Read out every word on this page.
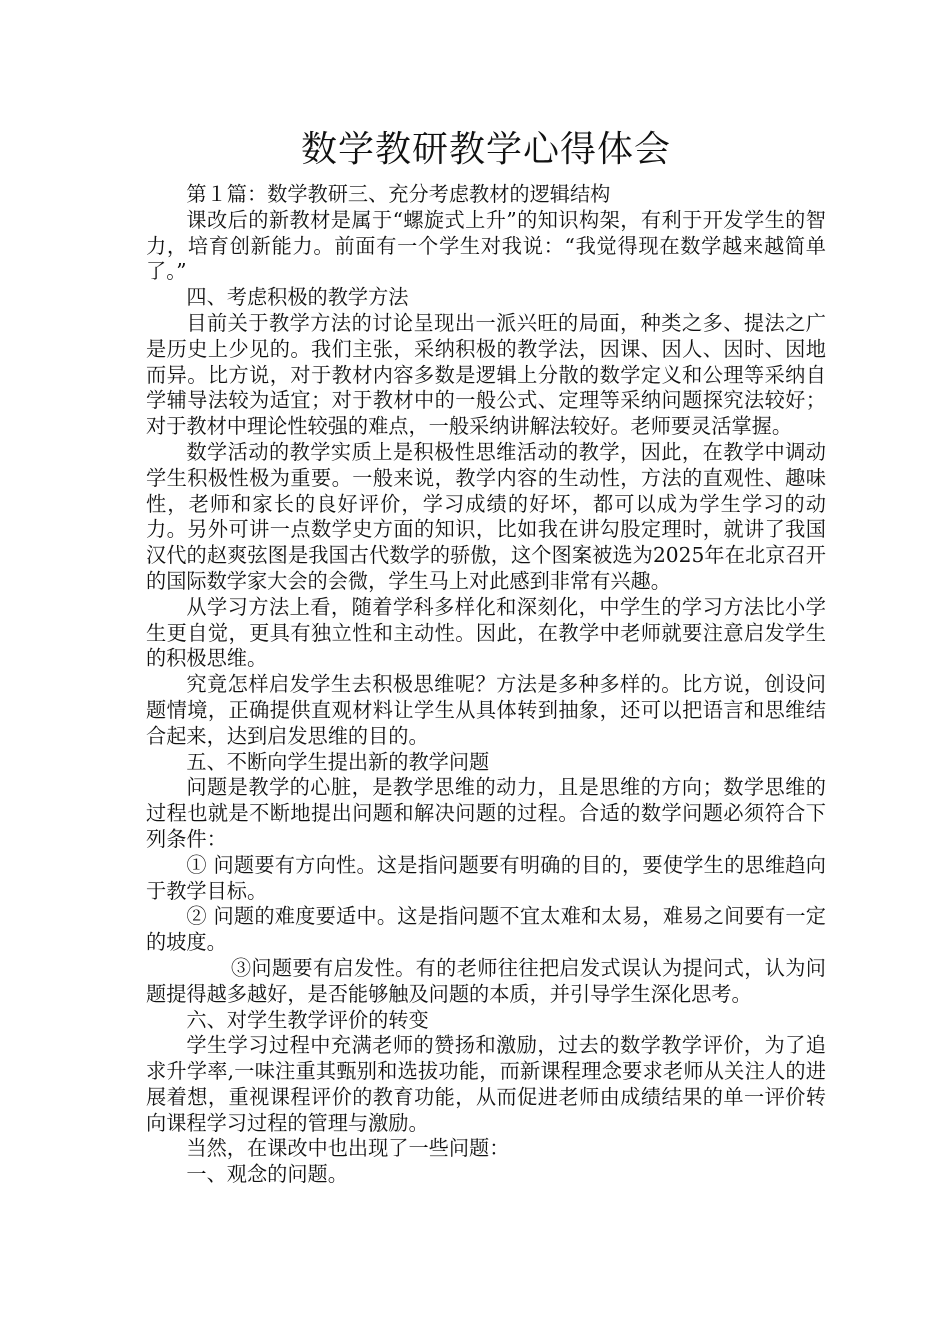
数学教研教学心得体会

第１篇：数学教研三、充分考虑教材的逻辑结构

课改后的新教材是属于“螺旋式上升”的知识构架，有利于开发学生的智力，培育创新能力。前面有一个学生对我说：“我觉得现在数学越来越简单了。”

四、考虑积极的教学方法

目前关于教学方法的讨论呈现出一派兴旺的局面，种类之多、提法之广是历史上少见的。我们主张，采纳积极的教学法，因课、因人、因时、因地而异。比方说，对于教材内容多数是逻辑上分散的数学定义和公理等采纳自学辅导法较为适宜；对于教材中的一般公式、定理等采纳问题探究法较好；对于教材中理论性较强的难点，一般采纳讲解法较好。老师要灵活掌握。

数学活动的教学实质上是积极性思维活动的教学，因此，在教学中调动学生积极性极为重要。一般来说，教学内容的生动性，方法的直观性、趣味性，老师和家长的良好评价，学习成绩的好坏，都可以成为学生学习的动力。另外可讲一点数学史方面的知识，比如我在讲勾股定理时，就讲了我国汉代的赵爽弦图是我国古代数学的骄傲，这个图案被选为2025年在北京召开的国际数学家大会的会微，学生马上对此感到非常有兴趣。

从学习方法上看，随着学科多样化和深刻化，中学生的学习方法比小学生更自觉，更具有独立性和主动性。因此，在教学中老师就要注意启发学生的积极思维。

究竟怎样启发学生去积极思维呢？方法是多种多样的。比方说，创设问题情境，正确提供直观材料让学生从具体转到抽象，还可以把语言和思维结合起来，达到启发思维的目的。

五、不断向学生提出新的教学问题

问题是教学的心脏，是教学思维的动力，且是思维的方向；数学思维的过程也就是不断地提出问题和解决问题的过程。合适的数学问题必须符合下列条件：

① 问题要有方向性。这是指问题要有明确的目的，要使学生的思维趋向于教学目标。

② 问题的难度要适中。这是指问题不宜太难和太易，难易之间要有一定的坡度。

③问题要有启发性。有的老师往往把启发式误认为提问式，认为问题提得越多越好，是否能够触及问题的本质，并引导学生深化思考。

六、对学生教学评价的转变

学生学习过程中充满老师的赞扬和激励，过去的数学教学评价，为了追求升学率,一味注重其甄别和选拔功能，而新课程理念要求老师从关注人的进展着想，重视课程评价的教育功能，从而促进老师由成绩结果的单一评价转向课程学习过程的管理与激励。

当然，在课改中也出现了一些问题：

一、观念的问题。
